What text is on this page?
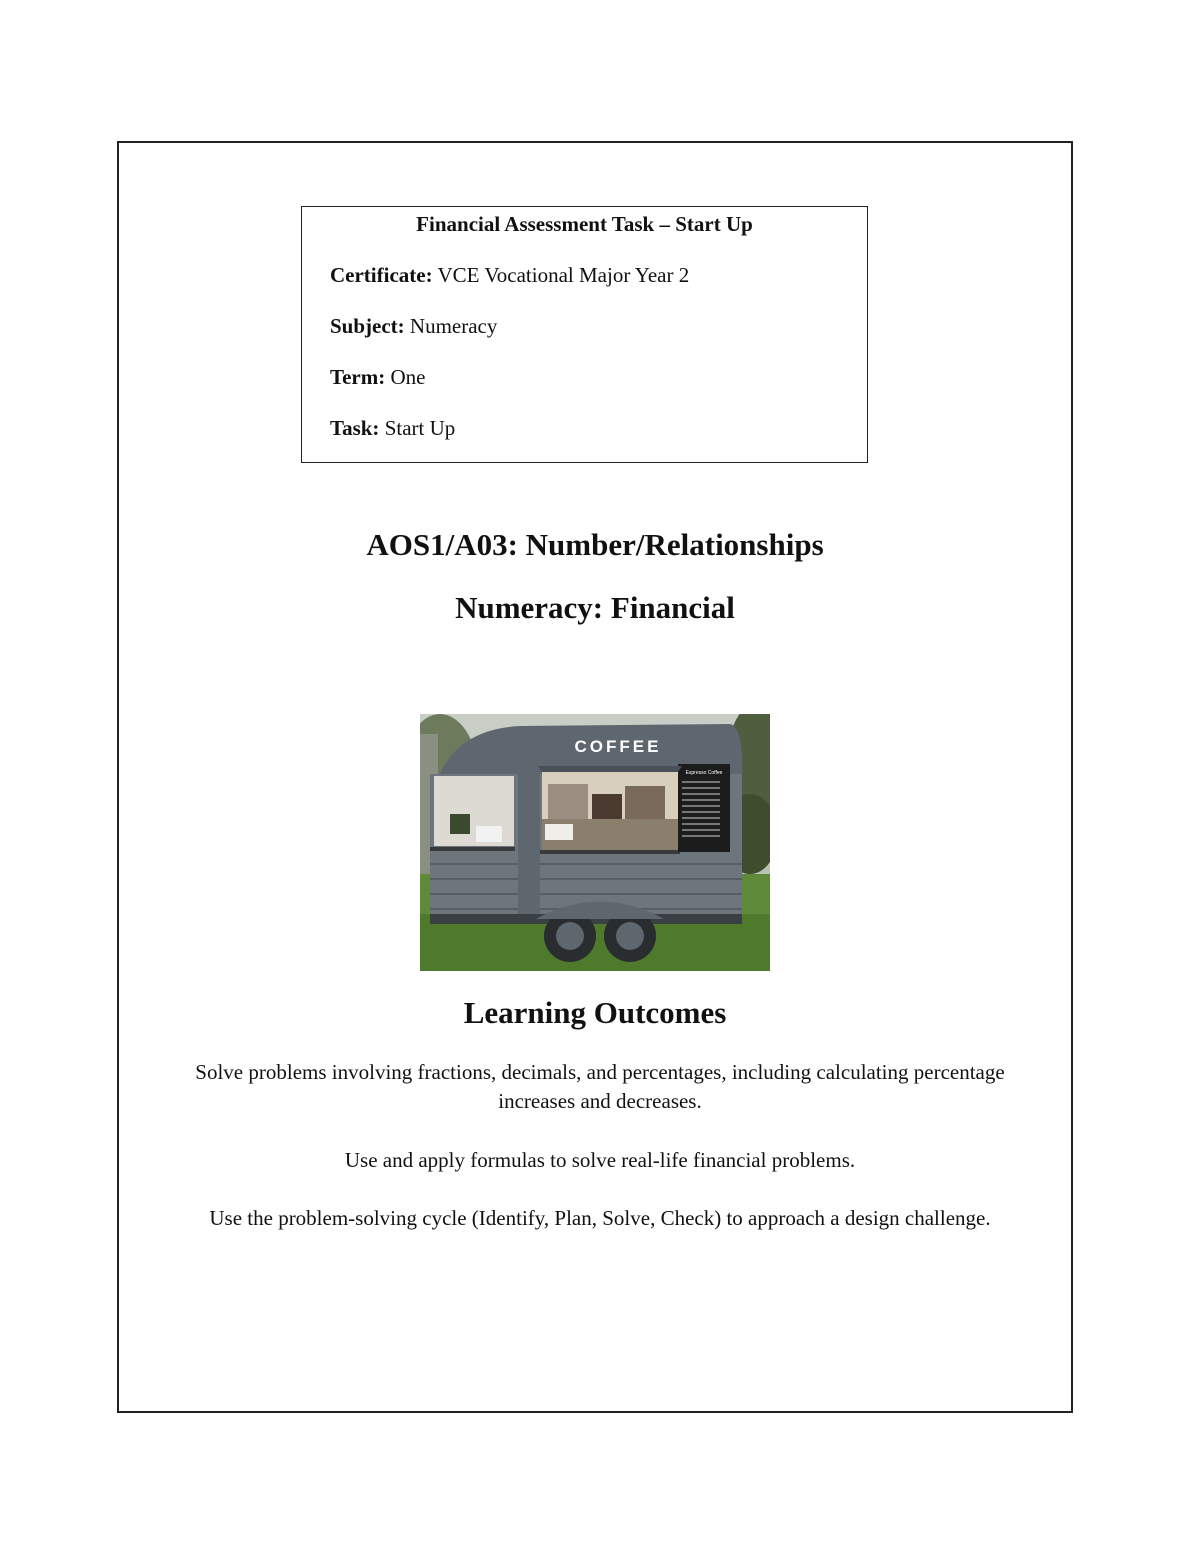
Financial Assessment Task – Start Up
Certificate: VCE Vocational Major Year 2
Subject: Numeracy
Term: One
Task: Start Up
AOS1/A03: Number/Relationships
Numeracy: Financial
Espresso Coffee
COFFEE
Learning Outcomes
Solve problems involving fractions, decimals, and percentages, including calculating percentage increases and decreases.
Use and apply formulas to solve real-life financial problems.
Use the problem-solving cycle (Identify, Plan, Solve, Check) to approach a design challenge.
